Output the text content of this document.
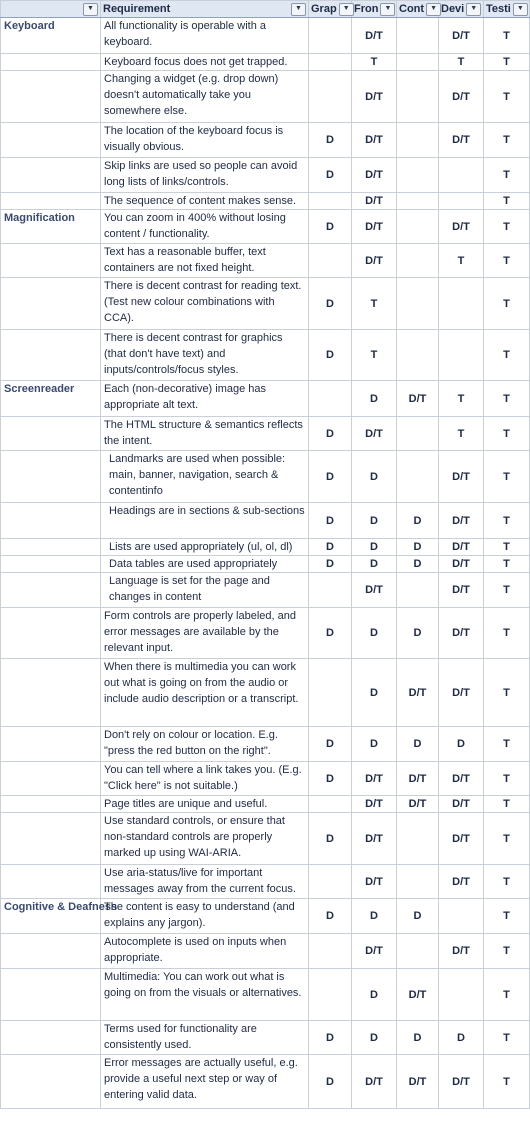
▼	Requirement ▼	Grap ▼	Fron ▼	Cont ▼	Devi ▼	Testi ▼

Keyboard	All functionality is operable with a keyboard.		D/T		D/T	T
	Keyboard focus does not get trapped.		T		T	T
	Changing a widget (e.g. drop down) doesn't automatically take you somewhere else.		D/T		D/T	T
	The location of the keyboard focus is visually obvious.	D	D/T		D/T	T
	Skip links are used so people can avoid long lists of links/controls.	D	D/T			T
	The sequence of content makes sense.		D/T			T
Magnification	You can zoom in 400% without losing content / functionality.	D	D/T		D/T	T
	Text has a reasonable buffer, text containers are not fixed height.		D/T		T	T
	There is decent contrast for reading text. (Test new colour combinations with CCA).	D	T			T
	There is decent contrast for graphics (that don't have text) and inputs/controls/focus styles.	D	T			T
Screenreader	Each (non-decorative) image has appropriate alt text.		D	D/T	T	T
	The HTML structure & semantics reflects the intent.	D	D/T		T	T
	Landmarks are used when possible: main, banner, navigation, search & contentinfo	D	D		D/T	T
	Headings are in sections & sub-sections	D	D	D	D/T	T
	Lists are used appropriately (ul, ol, dl)	D	D	D	D/T	T
	Data tables are used appropriately	D	D	D	D/T	T
	Language is set for the page and changes in content		D/T		D/T	T
	Form controls are properly labeled, and error messages are available by the relevant input.	D	D	D	D/T	T
	When there is multimedia you can work out what is going on from the audio or include audio description or a transcript.		D	D/T	D/T	T
	Don't rely on colour or location. E.g. "press the red button on the right".	D	D	D	D	T
	You can tell where a link takes you. (E.g. "Click here" is not suitable.)	D	D/T	D/T	D/T	T
	Page titles are unique and useful.		D/T	D/T	D/T	T
	Use standard controls, or ensure that non-standard controls are properly marked up using WAI-ARIA.	D	D/T		D/T	T
	Use aria-status/live for important messages away from the current focus.		D/T		D/T	T
Cognitive & Deafness	The content is easy to understand (and explains any jargon).	D	D	D		T
	Autocomplete is used on inputs when appropriate.		D/T		D/T	T
	Multimedia: You can work out what is going on from the visuals or alternatives.		D	D/T		T
	Terms used for functionality are consistently used.	D	D	D	D	T
	Error messages are actually useful, e.g. provide a useful next step or way of entering valid data.	D	D/T	D/T	D/T	T
